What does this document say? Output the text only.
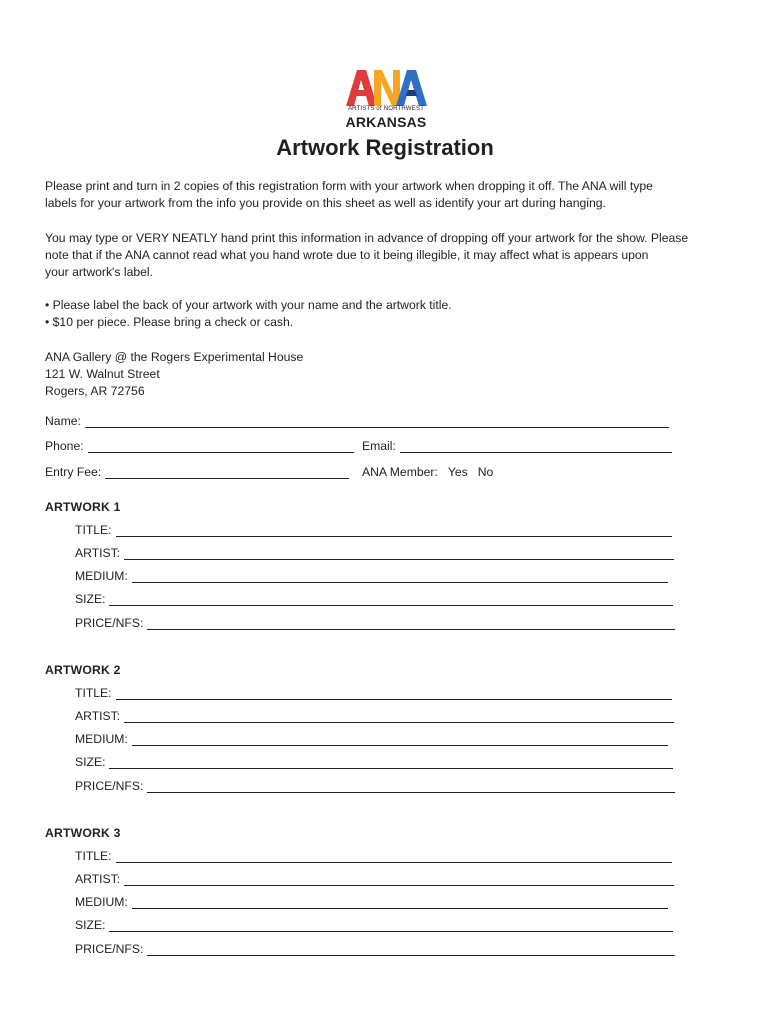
ARTISTS of NORTHWEST
ARKANSAS
Artwork Registration
Please print and turn in 2 copies of this registration form with your artwork when dropping it off. The ANA will type
labels for your artwork from the info you provide on this sheet as well as identify your art during hanging.
You may type or VERY NEATLY hand print this information in advance of dropping off your artwork for the show. Please
note that if the ANA cannot read what you hand wrote due to it being illegible, it may affect what is appears upon
your artwork's label.
• Please label the back of your artwork with your name and the artwork title.
• $10 per piece. Please bring a check or cash.
ANA Gallery @ the Rogers Experimental House
121 W. Walnut Street
Rogers, AR 72756
Name:
Phone:	Email:
Entry Fee:	ANA Member: Yes No
ARTWORK 1
TITLE:
ARTIST:
MEDIUM:
SIZE:
PRICE/NFS:
ARTWORK 2
TITLE:
ARTIST:
MEDIUM:
SIZE:
PRICE/NFS:
ARTWORK 3
TITLE:
ARTIST:
MEDIUM:
SIZE:
PRICE/NFS:
